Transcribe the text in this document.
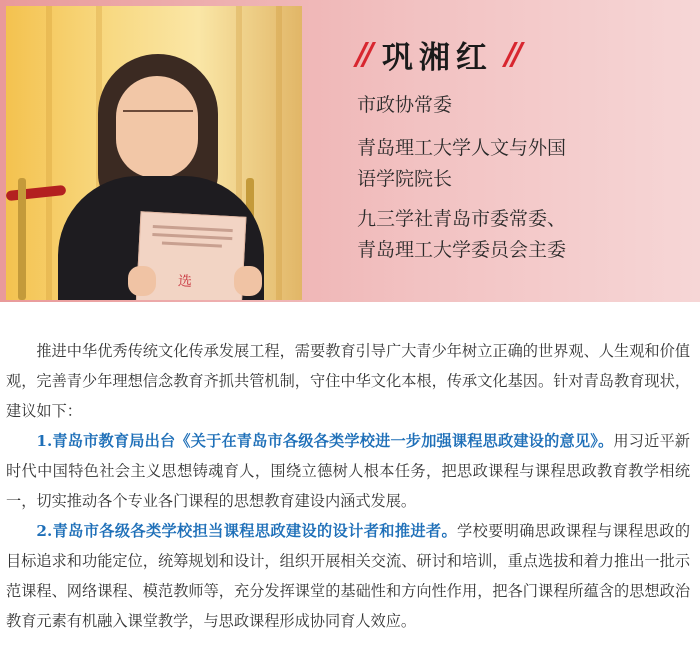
选
// 巩湘红 //
市政协常委
青岛理工大学人文与外国
语学院院长
九三学社青岛市委常委、
青岛理工大学委员会主委

推进中华优秀传统文化传承发展工程，需要教育引导广大青少年树立正确的世界观、人生观和价值观，完善青少年理想信念教育齐抓共管机制，守住中华文化本根，传承文化基因。针对青岛教育现状，建议如下：

1.青岛市教育局出台《关于在青岛市各级各类学校进一步加强课程思政建设的意见》。用习近平新时代中国特色社会主义思想铸魂育人，围绕立德树人根本任务，把思政课程与课程思政教育教学相统一，切实推动各个专业各门课程的思想教育建设内涵式发展。

2.青岛市各级各类学校担当课程思政建设的设计者和推进者。学校要明确思政课程与课程思政的目标追求和功能定位，统筹规划和设计，组织开展相关交流、研讨和培训，重点选拔和着力推出一批示范课程、网络课程、模范教师等，充分发挥课堂的基础性和方向性作用，把各门课程所蕴含的思想政治教育元素有机融入课堂教学，与思政课程形成协同育人效应。
